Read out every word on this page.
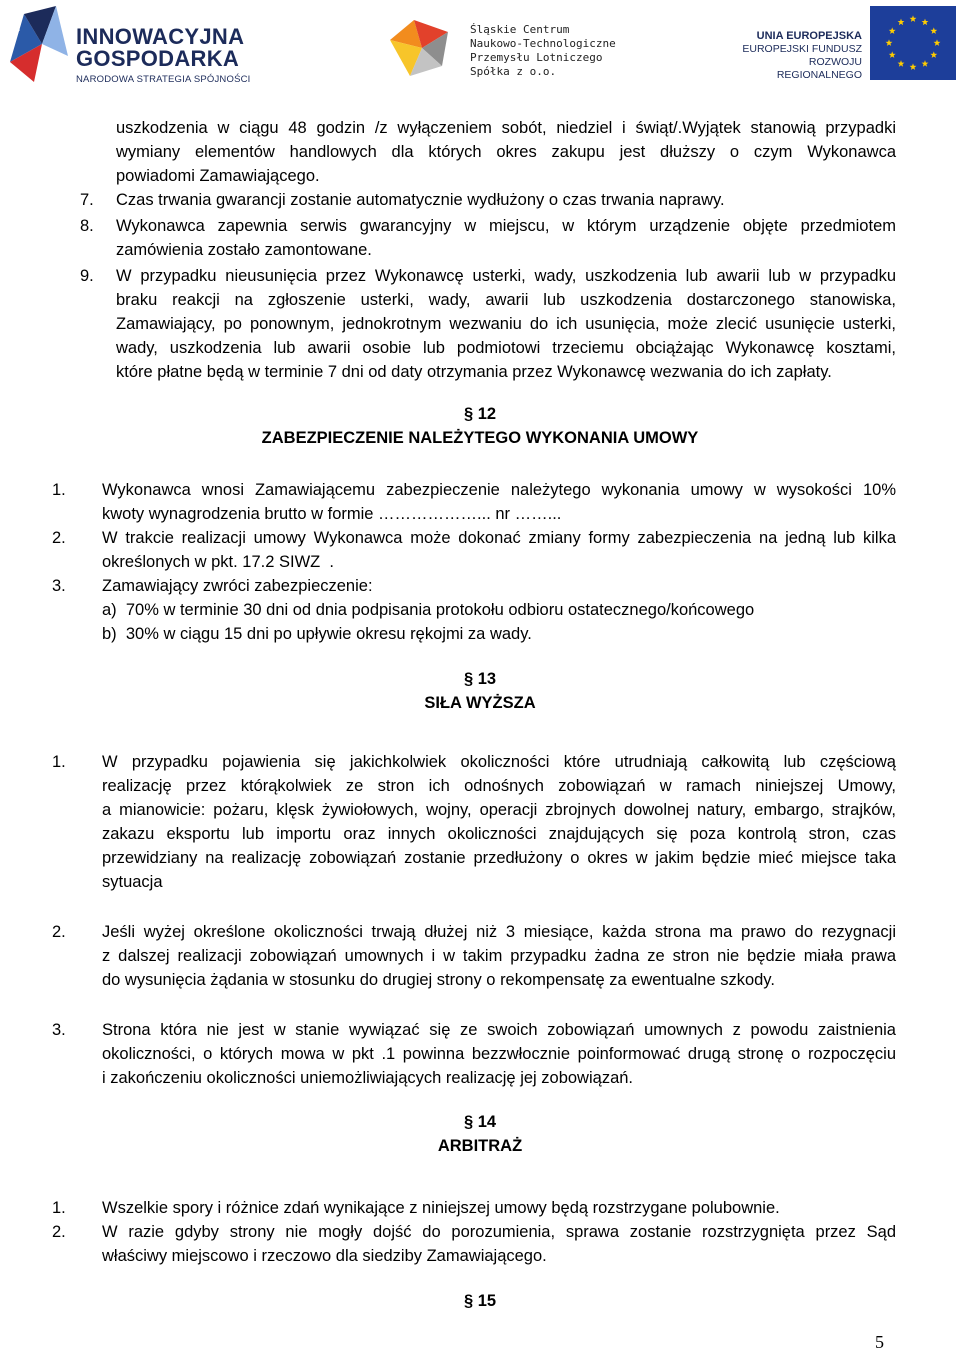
INNOWACYJNA
GOSPODARKA
NARODOWA STRATEGIA SPÓJNOŚCI
Śląskie Centrum
Naukowo-Technologiczne
Przemysłu Lotniczego
Spółka z o.o.
UNIA EUROPEJSKA
EUROPEJSKI FUNDUSZ
ROZWOJU REGIONALNEGO
uszkodzenia w ciągu 48 godzin /z wyłączeniem sobót, niedziel i świąt/.Wyjątek stanowią przypadki
wymiany elementów handlowych dla których okres zakupu jest dłuższy o czym Wykonawca
powiadomi Zamawiającego.
7. Czas trwania gwarancji zostanie automatycznie wydłużony o czas trwania naprawy.
8. Wykonawca zapewnia serwis gwarancyjny w miejscu, w którym urządzenie objęte przedmiotem
zamówienia zostało zamontowane.
9. W przypadku nieusunięcia przez Wykonawcę usterki, wady, uszkodzenia lub awarii lub w przypadku
braku reakcji na zgłoszenie usterki, wady, awarii lub uszkodzenia dostarczonego stanowiska,
Zamawiający, po ponownym, jednokrotnym wezwaniu do ich usunięcia, może zlecić usunięcie usterki,
wady, uszkodzenia lub awarii osobie lub podmiotowi trzeciemu obciążając Wykonawcę kosztami,
które płatne będą w terminie 7 dni od daty otrzymania przez Wykonawcę wezwania do ich zapłaty.
§ 12
ZABEZPIECZENIE NALEŻYTEGO WYKONANIA UMOWY
1. Wykonawca wnosi Zamawiającemu zabezpieczenie należytego wykonania umowy w wysokości 10%
kwoty wynagrodzenia brutto w formie ………………... nr ……...
2. W trakcie realizacji umowy Wykonawca może dokonać zmiany formy zabezpieczenia na jedną lub kilka
określonych w pkt. 17.2 SIWZ  .
3. Zamawiający zwróci zabezpieczenie:
a)  70% w terminie 30 dni od dnia podpisania protokołu odbioru ostatecznego/końcowego
b)  30% w ciągu 15 dni po upływie okresu rękojmi za wady.
§ 13
SIŁA WYŻSZA
1. W przypadku pojawienia się jakichkolwiek okoliczności które utrudniają całkowitą lub częściową
realizację przez którąkolwiek ze stron ich odnośnych zobowiązań w ramach niniejszej Umowy,
a mianowicie: pożaru, klęsk żywiołowych, wojny, operacji zbrojnych dowolnej natury, embargo, strajków,
zakazu eksportu lub importu oraz innych okoliczności znajdujących się poza kontrolą stron, czas
przewidziany na realizację zobowiązań zostanie przedłużony o okres w jakim będzie mieć miejsce taka
sytuacja
2. Jeśli wyżej określone okoliczności trwają dłużej niż 3 miesiące, każda strona ma prawo do rezygnacji
z dalszej realizacji zobowiązań umownych i w takim przypadku żadna ze stron nie będzie miała prawa
do wysunięcia żądania w stosunku do drugiej strony o rekompensatę za ewentualne szkody.
3. Strona która nie jest w stanie wywiązać się ze swoich zobowiązań umownych z powodu zaistnienia
okoliczności, o których mowa w pkt .1 powinna bezzwłocznie poinformować drugą stronę o rozpoczęciu
i zakończeniu okoliczności uniemożliwiających realizację jej zobowiązań.
§ 14
ARBITRAŻ
1. Wszelkie spory i różnice zdań wynikające z niniejszej umowy będą rozstrzygane polubownie.
2. W razie gdyby strony nie mogły dojść do porozumienia, sprawa zostanie rozstrzygnięta przez Sąd
właściwy miejscowo i rzeczowo dla siedziby Zamawiającego.
§ 15
5
